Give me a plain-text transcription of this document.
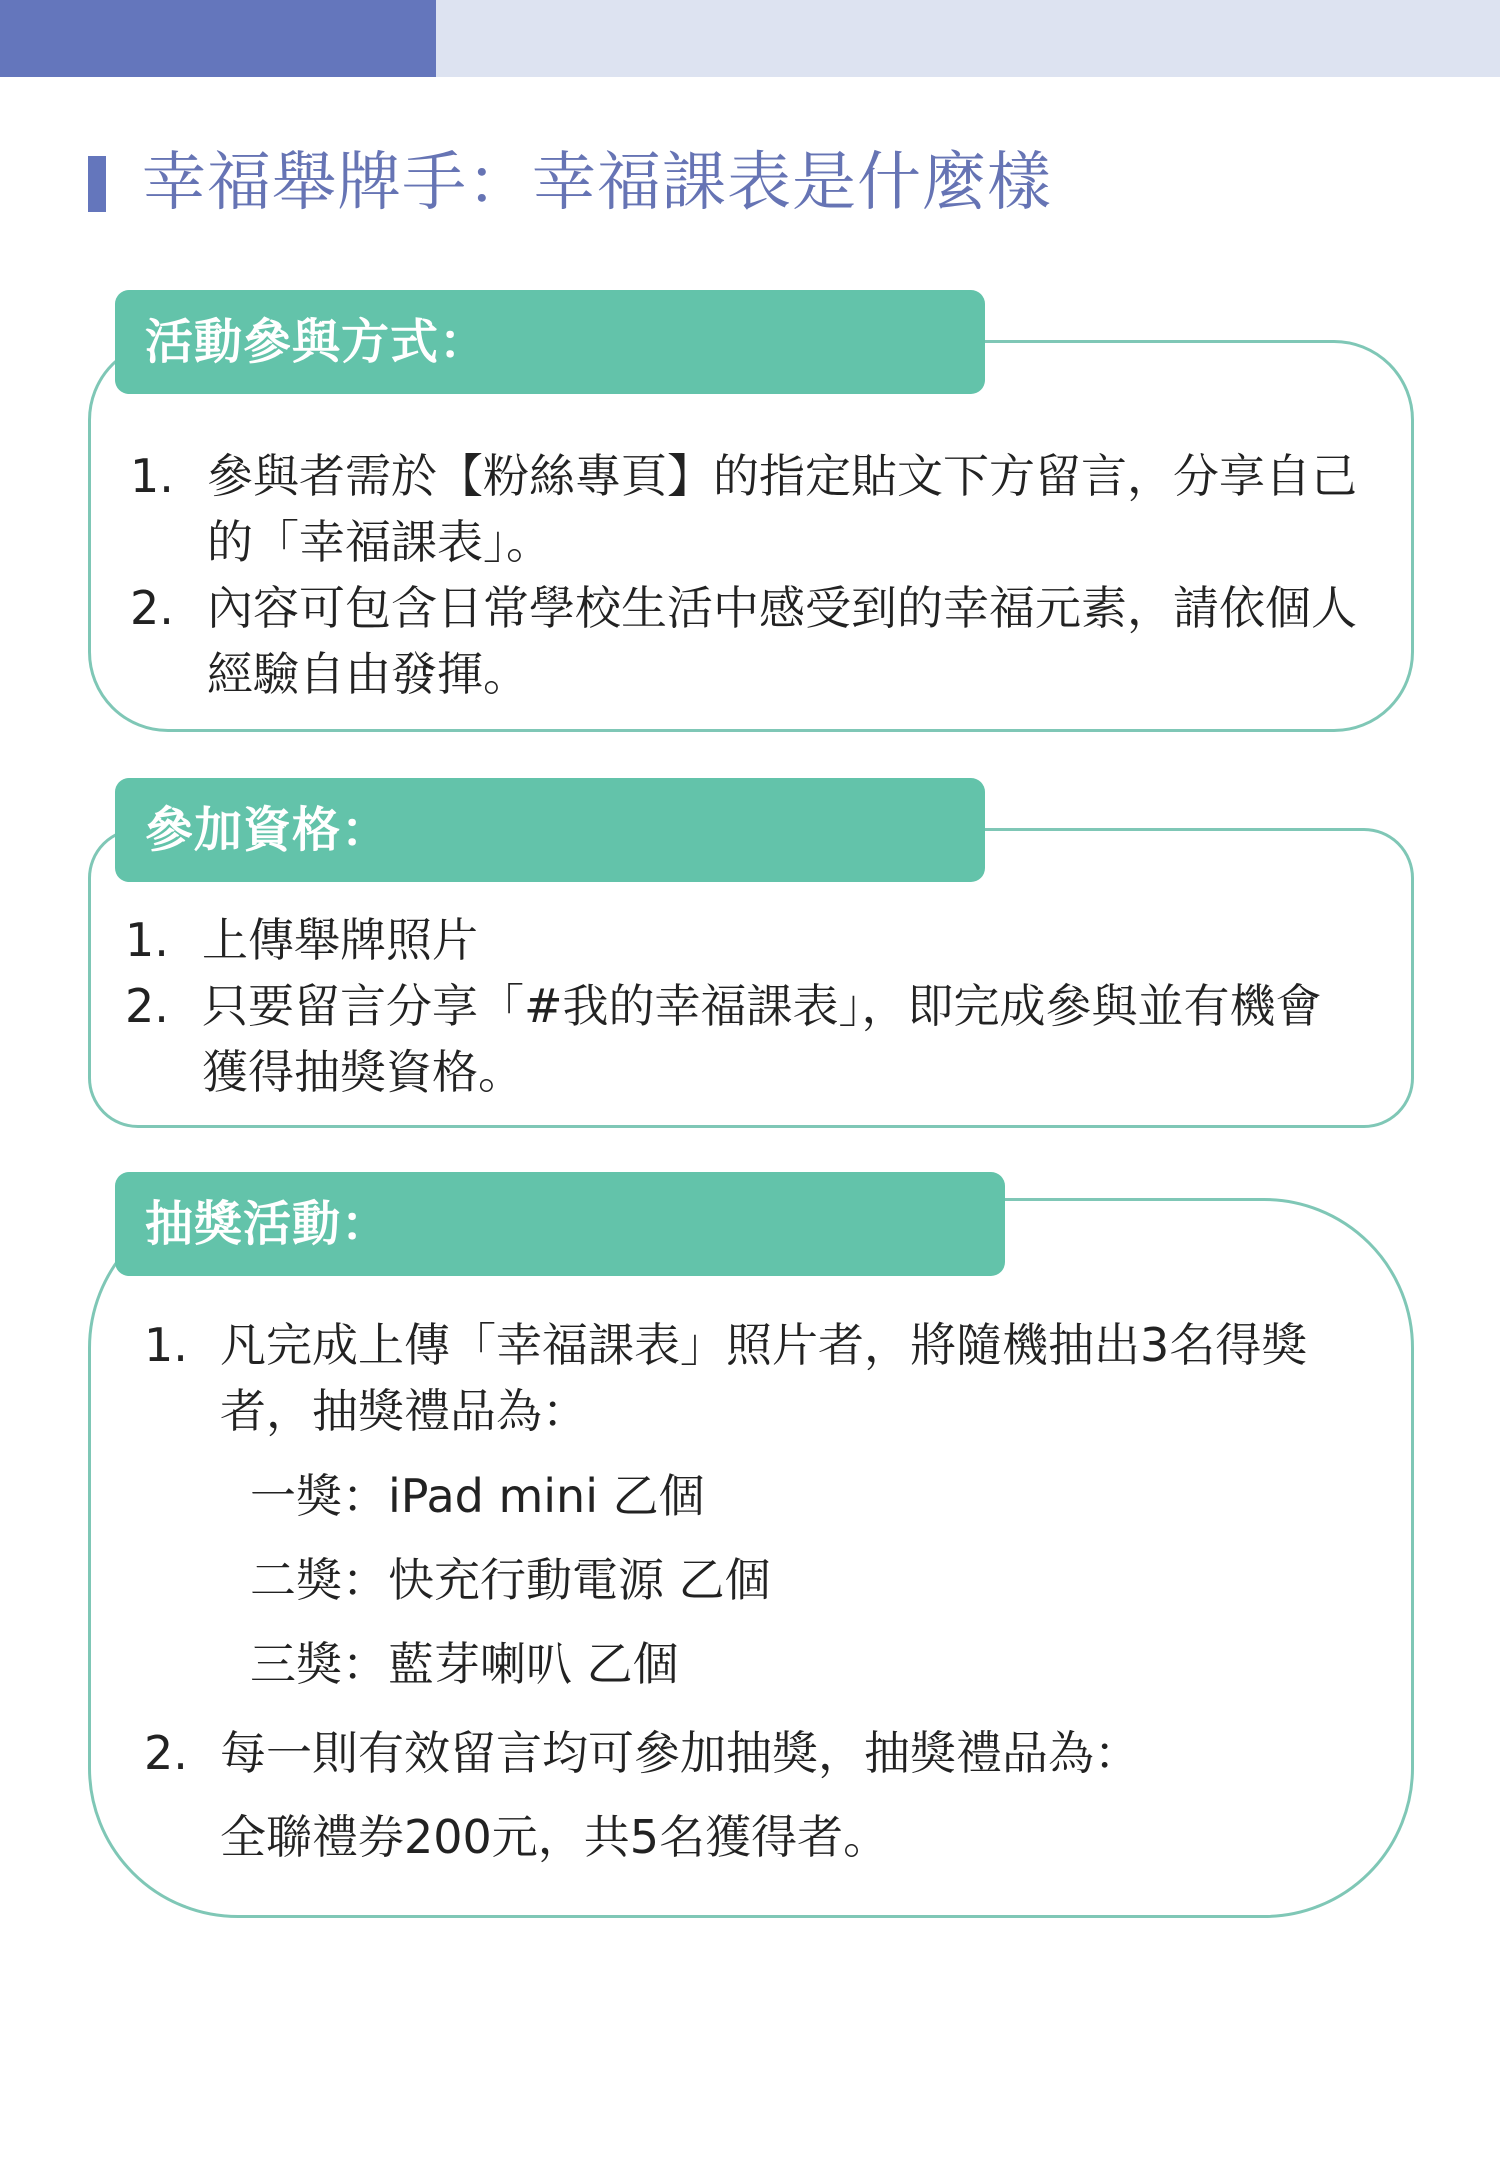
幸福舉牌手：幸福課表是什麼樣
活動參與方式：
1. 參與者需於【粉絲專頁】的指定貼文下方留言，分享自己的「幸福課表」。
2. 內容可包含日常學校生活中感受到的幸福元素，請依個人經驗自由發揮。
參加資格：
1. 上傳舉牌照片
2. 只要留言分享「#我的幸福課表」，即完成參與並有機會獲得抽獎資格。
抽獎活動：
1. 凡完成上傳「幸福課表」照片者，將隨機抽出3名得獎者，抽獎禮品為：
一獎：iPad mini 乙個
二獎：快充行動電源 乙個
三獎：藍芽喇叭 乙個
2. 每一則有效留言均可參加抽獎，抽獎禮品為：
全聯禮券200元，共5名獲得者。
